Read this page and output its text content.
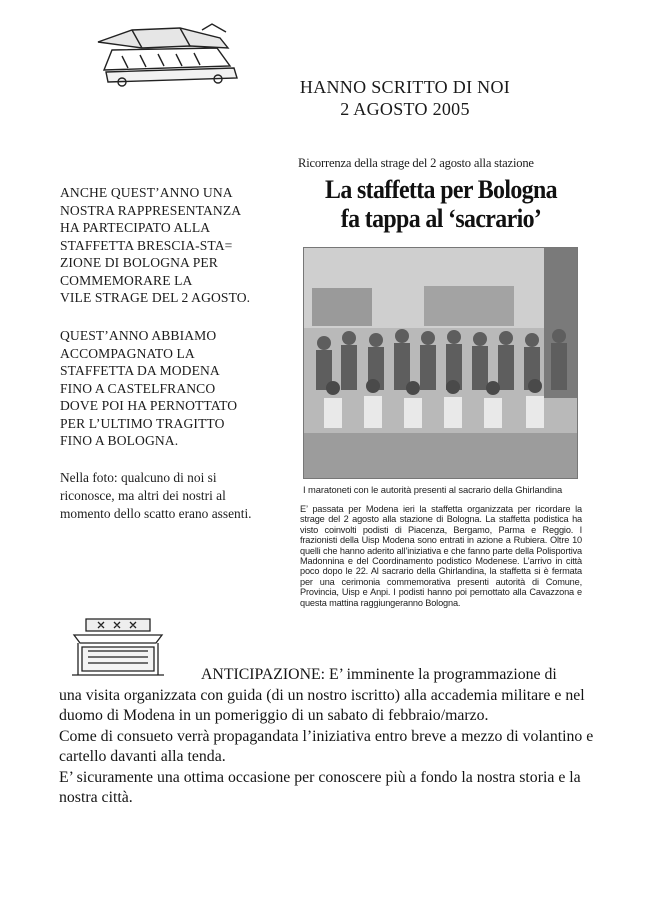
HANNO SCRITTO DI NOI
2 AGOSTO 2005
ANCHE QUEST’ANNO UNA
NOSTRA RAPPRESENTANZA
HA PARTECIPATO ALLA
STAFFETTA BRESCIA-STA=
ZIONE DI BOLOGNA PER
COMMEMORARE LA
VILE STRAGE DEL 2 AGOSTO.
QUEST’ANNO ABBIAMO
ACCOMPAGNATO LA
STAFFETTA DA MODENA
FINO A CASTELFRANCO
DOVE POI HA PERNOTTATO
PER L’ULTIMO TRAGITTO
FINO A BOLOGNA.
Nella foto: qualcuno di noi si riconosce, ma altri dei nostri al momento dello scatto erano assenti.
Ricorrenza della strage del 2 agosto alla stazione
La staffetta per Bologna
fa tappa al ‘sacrario’
I maratoneti con le autorità presenti al sacrario della Ghirlandina
E’ passata per Modena ieri la staffetta organizzata per ricordare la strage del 2 agosto alla stazione di Bologna. La staffetta podistica ha visto coinvolti podisti di Piacenza, Bergamo, Parma e Reggio. I frazionisti della Uisp Modena sono entrati in azione a Rubiera. Oltre 10 quelli che hanno aderito all’iniziativa e che fanno parte della Polisportiva Madonnina e del Coordinamento podistico Modenese. L’arrivo in città poco dopo le 22. Al sacrario della Ghirlandina, la staffetta si è fermata per una cerimonia commemorativa presenti autorità di Comune, Provincia, Uisp e Anpi. I podisti hanno poi pernottato alla Cavazzona e questa mattina raggiungeranno Bologna.

ANTICIPAZIONE: E’ imminente la programmazione di

una visita organizzata con guida (di un nostro iscritto) alla accademia militare e nel duomo di Modena in un pomeriggio di un sabato di febbraio/marzo.

Come di consueto verrà propagandata l’iniziativa entro breve a mezzo di volantino e cartello davanti alla tenda.

E’ sicuramente una ottima occasione per conoscere più a fondo la nostra storia e la nostra città.
